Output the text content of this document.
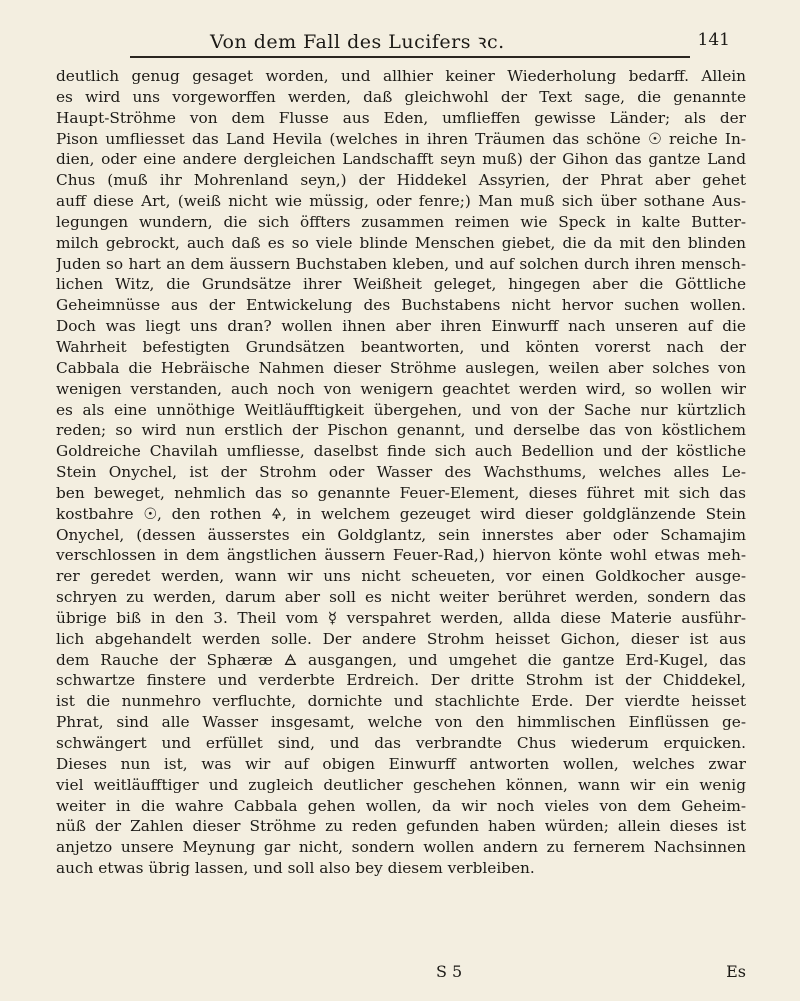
Von dem Fall des Lucifers ꝛc.	141
deutlich genug gesaget worden, und allhier keiner Wiederholung bedarff. Allein
es wird uns vorgeworffen werden, daß gleichwohl der Text sage, die genannte
Haupt-Ströhme von dem Flusse aus Eden, umflieffen gewisse Länder; als der
Pison umfliesset das Land Hevila (welches in ihren Träumen das schöne ☉ reiche In-
dien, oder eine andere dergleichen Landschafft seyn muß) der Gihon das gantze Land
Chus (muß ihr Mohrenland seyn,) der Hiddekel Assyrien, der Phrat aber gehet
auff diese Art, (weiß nicht wie müssig, oder fenre;) Man muß sich über sothane Aus-
legungen wundern, die sich öffters zusammen reimen wie Speck in kalte Butter-
milch gebrockt, auch daß es so viele blinde Menschen giebet, die da mit den blinden
Juden so hart an dem äussern Buchstaben kleben, und auf solchen durch ihren mensch-
lichen Witz, die Grundsätze ihrer Weißheit geleget, hingegen aber die Göttliche
Geheimnüsse aus der Entwickelung des Buchstabens nicht hervor suchen wollen.
Doch was liegt uns dran? wollen ihnen aber ihren Einwurff nach unseren auf die
Wahrheit befestigten Grundsätzen beantworten, und könten vorerst nach der
Cabbala die Hebräische Nahmen dieser Ströhme auslegen, weilen aber solches von
wenigen verstanden, auch noch von wenigern geachtet werden wird, so wollen wir
es als eine unnöthige Weitläufftigkeit übergehen, und von der Sache nur kürtzlich
reden; so wird nun erstlich der Pischon genannt, und derselbe das von köstlichem
Goldreiche Chavilah umfliesse, daselbst finde sich auch Bedellion und der köstliche
Stein Onychel, ist der Strohm oder Wasser des Wachsthums, welches alles Le-
ben beweget, nehmlich das so genannte Feuer-Element, dieses führet mit sich das
kostbahre ☉, den rothen 🜍, in welchem gezeuget wird dieser goldglänzende Stein
Onychel, (dessen äusserstes ein Goldglantz, sein innerstes aber oder Schamajim
verschlossen in dem ängstlichen äussern Feuer-Rad,) hiervon könte wohl etwas meh-
rer geredet werden, wann wir uns nicht scheueten, vor einen Goldkocher ausge-
schryen zu werden, darum aber soll es nicht weiter berühret werden, sondern das
übrige biß in den 3. Theil vom ☿ verspahret werden, allda diese Materie ausführ-
lich abgehandelt werden solle. Der andere Strohm heisset Gichon, dieser ist aus
dem Rauche der Sphæræ 🜁 ausgangen, und umgehet die gantze Erd-Kugel, das
schwartze finstere und verderbte Erdreich. Der dritte Strohm ist der Chiddekel,
ist die nunmehro verfluchte, dornichte und stachlichte Erde. Der vierdte heisset
Phrat, sind alle Wasser insgesamt, welche von den himmlischen Einflüssen ge-
schwängert und erfüllet sind, und das verbrandte Chus wiederum erquicken.
Dieses nun ist, was wir auf obigen Einwurff antworten wollen, welches zwar
viel weitläufftiger und zugleich deutlicher geschehen können, wann wir ein wenig
weiter in die wahre Cabbala gehen wollen, da wir noch vieles von dem Geheim-
nüß der Zahlen dieser Ströhme zu reden gefunden haben würden; allein dieses ist
anjetzo unsere Meynung gar nicht, sondern wollen andern zu fernerem Nachsinnen
auch etwas übrig lassen, und soll also bey diesem verbleiben.
S 5	Es
